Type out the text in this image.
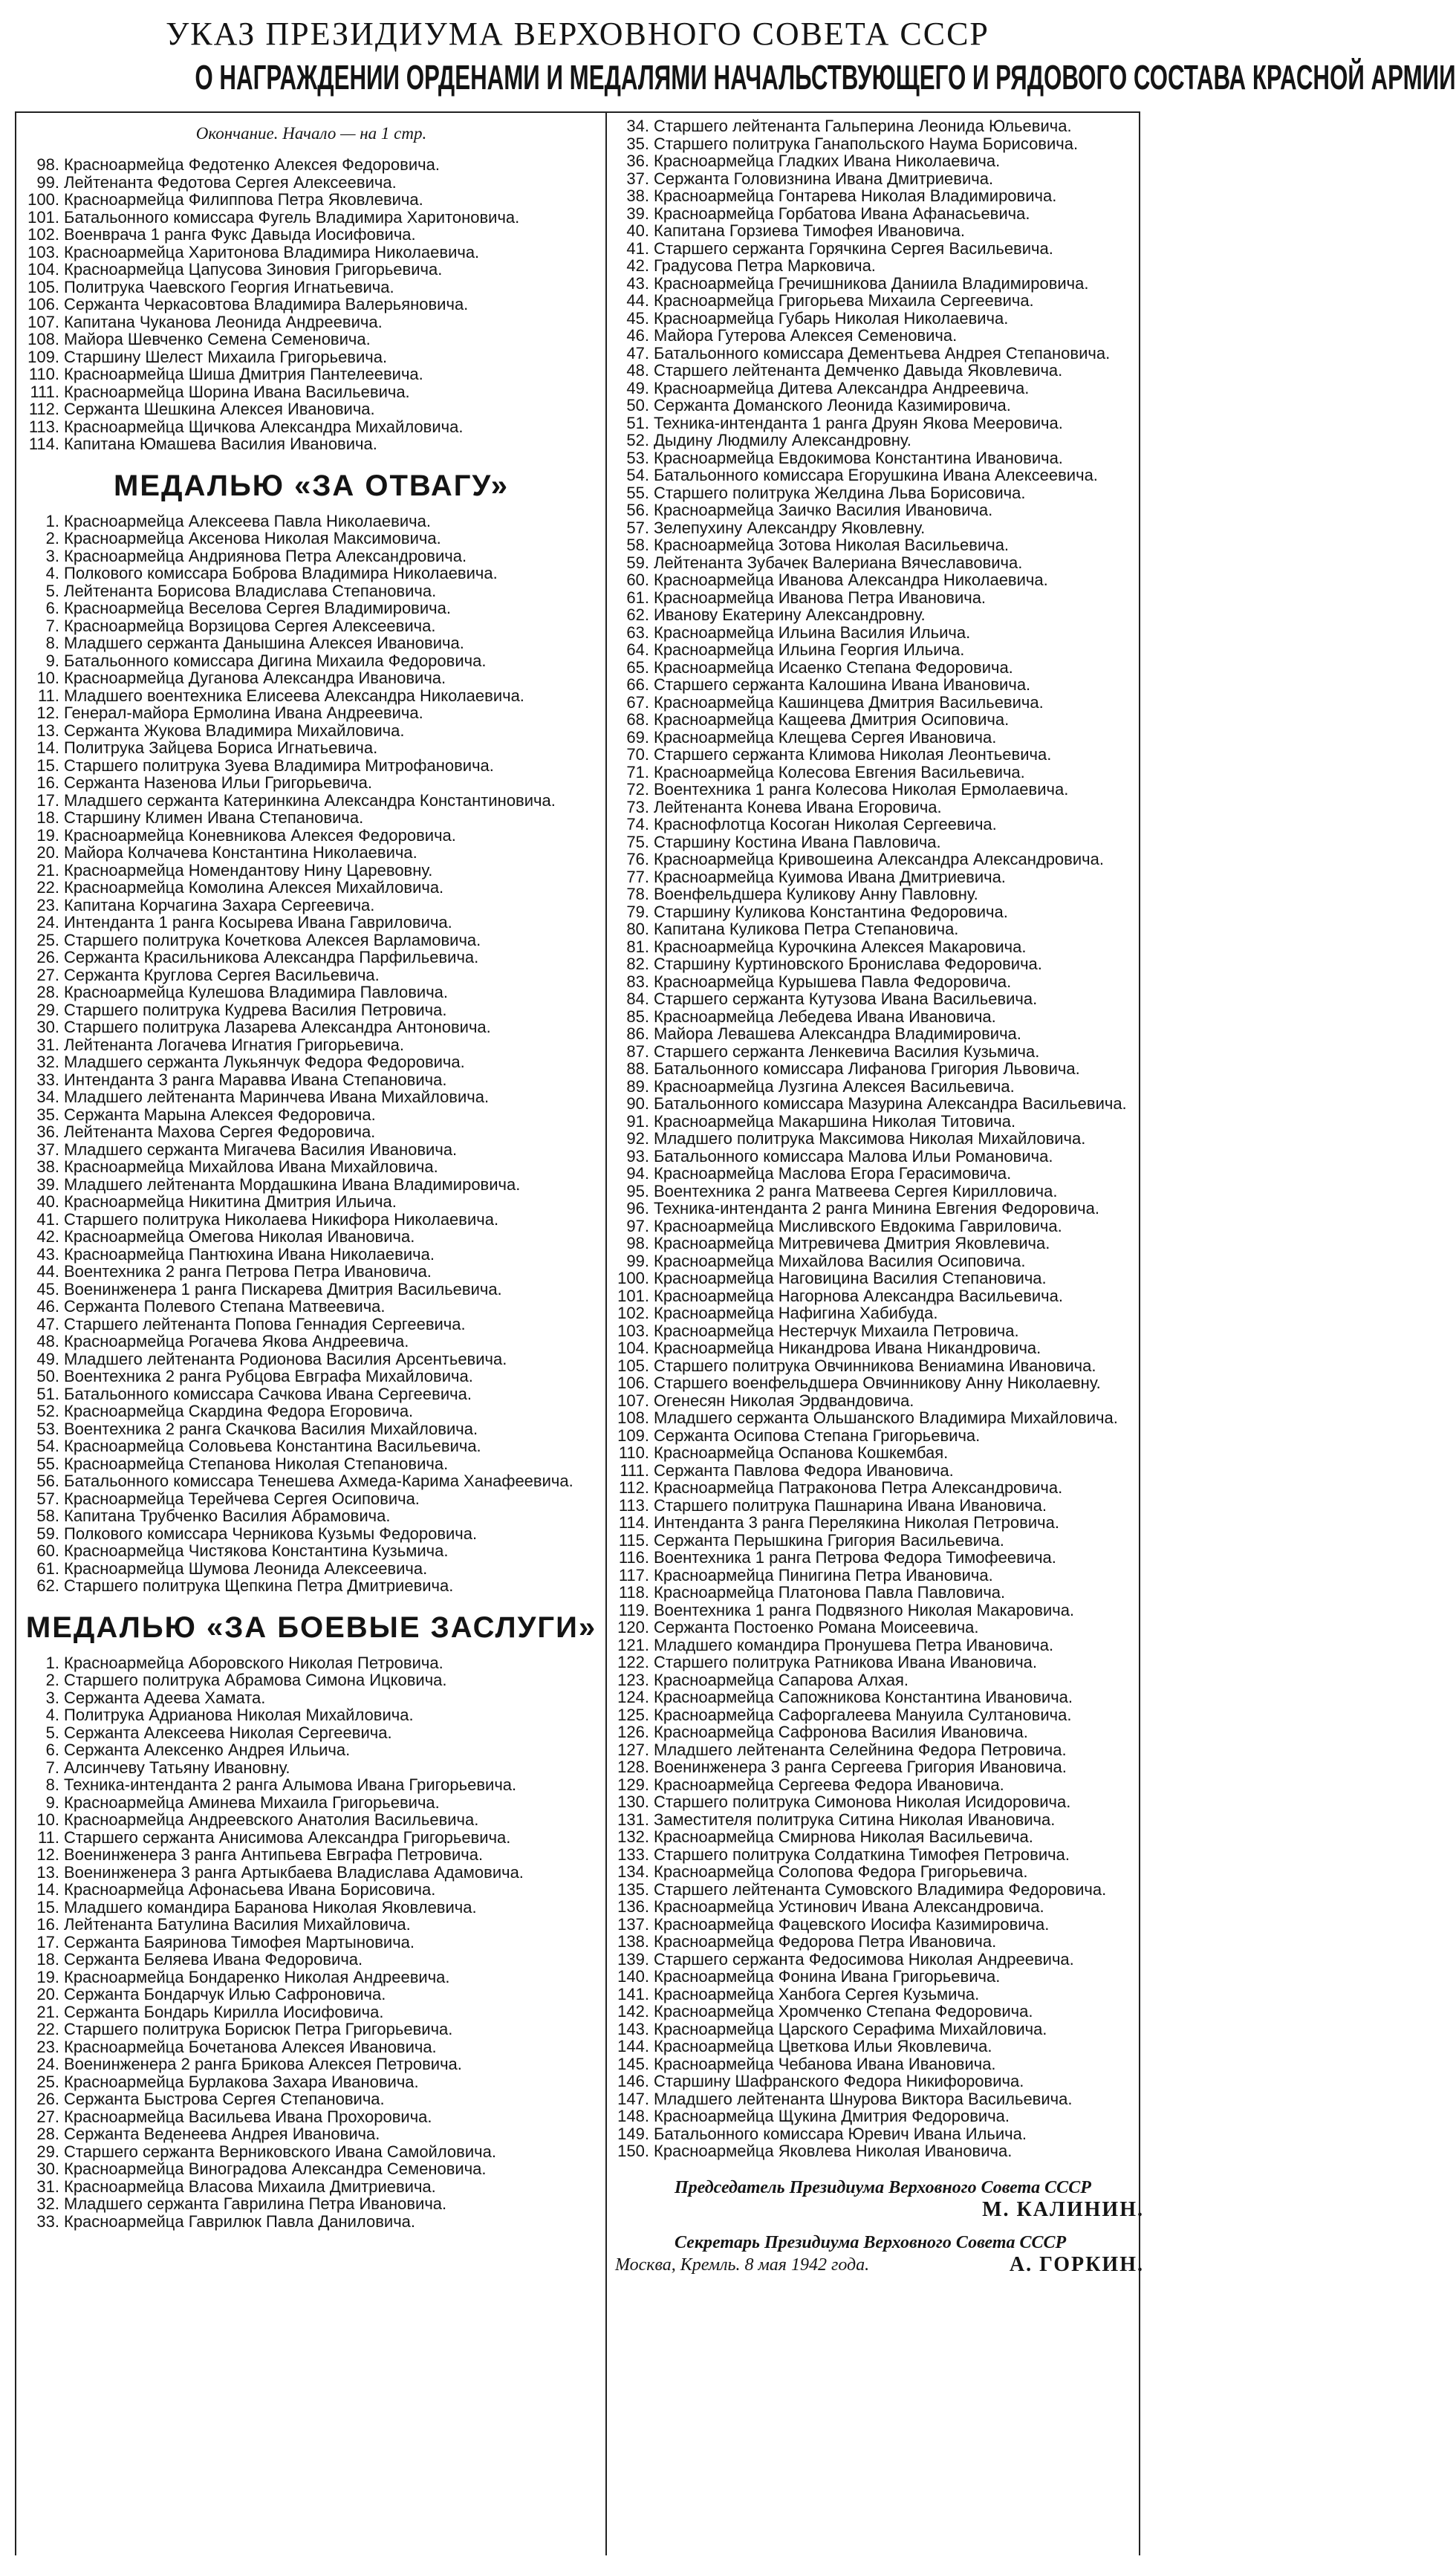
УКАЗ ПРЕЗИДИУМА ВЕРХОВНОГО СОВЕТА СССР
О НАГРАЖДЕНИИ ОРДЕНАМИ И МЕДАЛЯМИ НАЧАЛЬСТВУЮЩЕГО И РЯДОВОГО СОСТАВА КРАСНОЙ АРМИИ
Окончание. Начало — на 1 стр.
98. Красноармейца Федотенко Алексея Федоровича.
99. Лейтенанта Федотова Сергея Алексеевича.
100. Красноармейца Филиппова Петра Яковлевича.
101. Батальонного комиссара Фугель Владимира Харитоновича.
102. Военврача 1 ранга Фукс Давыда Иосифовича.
103. Красноармейца Харитонова Владимира Николаевича.
104. Красноармейца Цапусова Зиновия Григорьевича.
105. Политрука Чаевского Георгия Игнатьевича.
106. Сержанта Черкасовтова Владимира Валерьяновича.
107. Капитана Чуканова Леонида Андреевича.
108. Майора Шевченко Семена Семеновича.
109. Старшину Шелест Михаила Григорьевича.
110. Красноармейца Шиша Дмитрия Пантелеевича.
111. Красноармейца Шорина Ивана Васильевича.
112. Сержанта Шешкина Алексея Ивановича.
113. Красноармейца Щичкова Александра Михайловича.
114. Капитана Юмашева Василия Ивановича.
МЕДАЛЬЮ «ЗА ОТВАГУ»
1. Красноармейца Алексеева Павла Николаевича.
2. Красноармейца Аксенова Николая Максимовича.
3. Красноармейца Андриянова Петра Александровича.
4. Полкового комиссара Боброва Владимира Николаевича.
5. Лейтенанта Борисова Владислава Степановича.
6. Красноармейца Веселова Сергея Владимировича.
7. Красноармейца Ворзицова Сергея Алексеевича.
8. Младшего сержанта Данышина Алексея Ивановича.
9. Батальонного комиссара Дигина Михаила Федоровича.
10. Красноармейца Дуганова Александра Ивановича.
11. Младшего воентехника Елисеева Александра Николаевича.
12. Генерал-майора Ермолина Ивана Андреевича.
13. Сержанта Жукова Владимира Михайловича.
14. Политрука Зайцева Бориса Игнатьевича.
15. Старшего политрука Зуева Владимира Митрофановича.
16. Сержанта Назенова Ильи Григорьевича.
17. Младшего сержанта Катеринкина Александра Константиновича.
18. Старшину Климен Ивана Степановича.
19. Красноармейца Коневникова Алексея Федоровича.
20. Майора Колчачева Константина Николаевича.
21. Красноармейца Номендантову Нину Царевовну.
22. Красноармейца Комолина Алексея Михайловича.
23. Капитана Корчагина Захара Сергеевича.
24. Интенданта 1 ранга Косырева Ивана Гавриловича.
25. Старшего политрука Кочеткова Алексея Варламовича.
26. Сержанта Красильникова Александра Парфильевича.
27. Сержанта Круглова Сергея Васильевича.
28. Красноармейца Кулешова Владимира Павловича.
29. Старшего политрука Кудрева Василия Петровича.
30. Старшего политрука Лазарева Александра Антоновича.
31. Лейтенанта Логачева Игнатия Григорьевича.
32. Младшего сержанта Лукьянчук Федора Федоровича.
33. Интенданта 3 ранга Маравва Ивана Степановича.
34. Младшего лейтенанта Маринчева Ивана Михайловича.
35. Сержанта Марына Алексея Федоровича.
36. Лейтенанта Махова Сергея Федоровича.
37. Младшего сержанта Мигачева Василия Ивановича.
38. Красноармейца Михайлова Ивана Михайловича.
39. Младшего лейтенанта Мордашкина Ивана Владимировича.
40. Красноармейца Никитина Дмитрия Ильича.
41. Старшего политрука Николаева Никифора Николаевича.
42. Красноармейца Омегова Николая Ивановича.
43. Красноармейца Пантюхина Ивана Николаевича.
44. Воентехника 2 ранга Петрова Петра Ивановича.
45. Военинженера 1 ранга Пискарева Дмитрия Васильевича.
46. Сержанта Полевого Степана Матвеевича.
47. Старшего лейтенанта Попова Геннадия Сергеевича.
48. Красноармейца Рогачева Якова Андреевича.
49. Младшего лейтенанта Родионова Василия Арсентьевича.
50. Воентехника 2 ранга Рубцова Евграфа Михайловича.
51. Батальонного комиссара Сачкова Ивана Сергеевича.
52. Красноармейца Скардина Федора Егоровича.
53. Воентехника 2 ранга Скачкова Василия Михайловича.
54. Красноармейца Соловьева Константина Васильевича.
55. Красноармейца Степанова Николая Степановича.
56. Батальонного комиссара Тенешева Ахмеда-Карима Ханафеевича.
57. Красноармейца Терейчева Сергея Осиповича.
58. Капитана Трубченко Василия Абрамовича.
59. Полкового комиссара Черникова Кузьмы Федоровича.
60. Красноармейца Чистякова Константина Кузьмича.
61. Красноармейца Шумова Леонида Алексеевича.
62. Старшего политрука Щепкина Петра Дмитриевича.
МЕДАЛЬЮ «ЗА БОЕВЫЕ ЗАСЛУГИ»
1. Красноармейца Аборовского Николая Петровича.
2. Старшего политрука Абрамова Симона Ицковича.
3. Сержанта Адеева Хамата.
4. Политрука Адрианова Николая Михайловича.
5. Сержанта Алексеева Николая Сергеевича.
6. Сержанта Алексенко Андрея Ильича.
7. Алсинчеву Татьяну Ивановну.
8. Техника-интенданта 2 ранга Алымова Ивана Григорьевича.
9. Красноармейца Аминева Михаила Григорьевича.
10. Красноармейца Андреевского Анатолия Васильевича.
11. Старшего сержанта Анисимова Александра Григорьевича.
12. Военинженера 3 ранга Антипьева Евграфа Петровича.
13. Военинженера 3 ранга Артыкбаева Владислава Адамовича.
14. Красноармейца Афонасьева Ивана Борисовича.
15. Младшего командира Баранова Николая Яковлевича.
16. Лейтенанта Батулина Василия Михайловича.
17. Сержанта Баяринова Тимофея Мартыновича.
18. Сержанта Беляева Ивана Федоровича.
19. Красноармейца Бондаренко Николая Андреевича.
20. Сержанта Бондарчук Илью Сафроновича.
21. Сержанта Бондарь Кирилла Иосифовича.
22. Старшего политрука Борисюк Петра Григорьевича.
23. Красноармейца Бочетанова Алексея Ивановича.
24. Военинженера 2 ранга Брикова Алексея Петровича.
25. Красноармейца Бурлакова Захара Ивановича.
26. Сержанта Быстрова Сергея Степановича.
27. Красноармейца Васильева Ивана Прохоровича.
28. Сержанта Веденеева Андрея Ивановича.
29. Старшего сержанта Верниковского Ивана Самойловича.
30. Красноармейца Виноградова Александра Семеновича.
31. Красноармейца Власова Михаила Дмитриевича.
32. Младшего сержанта Гаврилина Петра Ивановича.
33. Красноармейца Гаврилюк Павла Даниловича.
34. Старшего лейтенанта Гальперина Леонида Юльевича.
35. Старшего политрука Ганапольского Наума Борисовича.
36. Красноармейца Гладких Ивана Николаевича.
37. Сержанта Головизнина Ивана Дмитриевича.
38. Красноармейца Гонтарева Николая Владимировича.
39. Красноармейца Горбатова Ивана Афанасьевича.
40. Капитана Горзиева Тимофея Ивановича.
41. Старшего сержанта Горячкина Сергея Васильевича.
42. Градусова Петра Марковича.
43. Красноармейца Гречишникова Даниила Владимировича.
44. Красноармейца Григорьева Михаила Сергеевича.
45. Красноармейца Губарь Николая Николаевича.
46. Майора Гутерова Алексея Семеновича.
47. Батальонного комиссара Дементьева Андрея Степановича.
48. Старшего лейтенанта Демченко Давыда Яковлевича.
49. Красноармейца Дитева Александра Андреевича.
50. Сержанта Доманского Леонида Казимировича.
51. Техника-интенданта 1 ранга Друян Якова Мееровича.
52. Дыдину Людмилу Александровну.
53. Красноармейца Евдокимова Константина Ивановича.
54. Батальонного комиссара Егорушкина Ивана Алексеевича.
55. Старшего политрука Желдина Льва Борисовича.
56. Красноармейца Заичко Василия Ивановича.
57. Зелепухину Александру Яковлевну.
58. Красноармейца Зотова Николая Васильевича.
59. Лейтенанта Зубачек Валериана Вячеславовича.
60. Красноармейца Иванова Александра Николаевича.
61. Красноармейца Иванова Петра Ивановича.
62. Иванову Екатерину Александровну.
63. Красноармейца Ильина Василия Ильича.
64. Красноармейца Ильина Георгия Ильича.
65. Красноармейца Исаенко Степана Федоровича.
66. Старшего сержанта Калошина Ивана Ивановича.
67. Красноармейца Кашинцева Дмитрия Васильевича.
68. Красноармейца Кащеева Дмитрия Осиповича.
69. Красноармейца Клещева Сергея Ивановича.
70. Старшего сержанта Климова Николая Леонтьевича.
71. Красноармейца Колесова Евгения Васильевича.
72. Воентехника 1 ранга Колесова Николая Ермолаевича.
73. Лейтенанта Конева Ивана Егоровича.
74. Краснофлотца Косоган Николая Сергеевича.
75. Старшину Костина Ивана Павловича.
76. Красноармейца Кривошеина Александра Александровича.
77. Красноармейца Куимова Ивана Дмитриевича.
78. Военфельдшера Куликову Анну Павловну.
79. Старшину Куликова Константина Федоровича.
80. Капитана Куликова Петра Степановича.
81. Красноармейца Курочкина Алексея Макаровича.
82. Старшину Куртиновского Бронислава Федоровича.
83. Красноармейца Курышева Павла Федоровича.
84. Старшего сержанта Кутузова Ивана Васильевича.
85. Красноармейца Лебедева Ивана Ивановича.
86. Майора Левашева Александра Владимировича.
87. Старшего сержанта Ленкевича Василия Кузьмича.
88. Батальонного комиссара Лифанова Григория Львовича.
89. Красноармейца Лузгина Алексея Васильевича.
90. Батальонного комиссара Мазурина Александра Васильевича.
91. Красноармейца Макаршина Николая Титовича.
92. Младшего политрука Максимова Николая Михайловича.
93. Батальонного комиссара Малова Ильи Романовича.
94. Красноармейца Маслова Егора Герасимовича.
95. Воентехника 2 ранга Матвеева Сергея Кирилловича.
96. Техника-интенданта 2 ранга Минина Евгения Федоровича.
97. Красноармейца Мисливского Евдокима Гавриловича.
98. Красноармейца Митревичева Дмитрия Яковлевича.
99. Красноармейца Михайлова Василия Осиповича.
100. Красноармейца Наговицина Василия Степановича.
101. Красноармейца Нагорнова Александра Васильевича.
102. Красноармейца Нафигина Хабибуда.
103. Красноармейца Нестерчук Михаила Петровича.
104. Красноармейца Никандрова Ивана Никандровича.
105. Старшего политрука Овчинникова Вениамина Ивановича.
106. Старшего военфельдшера Овчинникову Анну Николаевну.
107. Огенесян Николая Эрдвандовича.
108. Младшего сержанта Ольшанского Владимира Михайловича.
109. Сержанта Осипова Степана Григорьевича.
110. Красноармейца Оспанова Кошкембая.
111. Сержанта Павлова Федора Ивановича.
112. Красноармейца Патраконова Петра Александровича.
113. Старшего политрука Пашнарина Ивана Ивановича.
114. Интенданта 3 ранга Перелякина Николая Петровича.
115. Сержанта Перышкина Григория Васильевича.
116. Воентехника 1 ранга Петрова Федора Тимофеевича.
117. Красноармейца Пинигина Петра Ивановича.
118. Красноармейца Платонова Павла Павловича.
119. Воентехника 1 ранга Подвязного Николая Макаровича.
120. Сержанта Постоенко Романа Моисеевича.
121. Младшего командира Пронушева Петра Ивановича.
122. Старшего политрука Ратникова Ивана Ивановича.
123. Красноармейца Сапарова Алхая.
124. Красноармейца Сапожникова Константина Ивановича.
125. Красноармейца Сафоргалеева Мануила Султановича.
126. Красноармейца Сафронова Василия Ивановича.
127. Младшего лейтенанта Селейнина Федора Петровича.
128. Военинженера 3 ранга Сергеева Григория Ивановича.
129. Красноармейца Сергеева Федора Ивановича.
130. Старшего политрука Симонова Николая Исидоровича.
131. Заместителя политрука Ситина Николая Ивановича.
132. Красноармейца Смирнова Николая Васильевича.
133. Старшего политрука Солдаткина Тимофея Петровича.
134. Красноармейца Солопова Федора Григорьевича.
135. Старшего лейтенанта Сумовского Владимира Федоровича.
136. Красноармейца Устинович Ивана Александровича.
137. Красноармейца Фацевского Иосифа Казимировича.
138. Красноармейца Федорова Петра Ивановича.
139. Старшего сержанта Федосимова Николая Андреевича.
140. Красноармейца Фонина Ивана Григорьевича.
141. Красноармейца Ханбога Сергея Кузьмича.
142. Красноармейца Хромченко Степана Федоровича.
143. Красноармейца Царского Серафима Михайловича.
144. Красноармейца Цветкова Ильи Яковлевича.
145. Красноармейца Чебанова Ивана Ивановича.
146. Старшину Шафранского Федора Никифоровича.
147. Младшего лейтенанта Шнурова Виктора Васильевича.
148. Красноармейца Щукина Дмитрия Федоровича.
149. Батальонного комиссара Юревич Ивана Ильича.
150. Красноармейца Яковлева Николая Ивановича.
Председатель Президиума Верховного Совета СССР
М. КАЛИНИН.
Секретарь Президиума Верховного Совета СССР
Москва, Кремль. 8 мая 1942 года.	А. ГОРКИН.
